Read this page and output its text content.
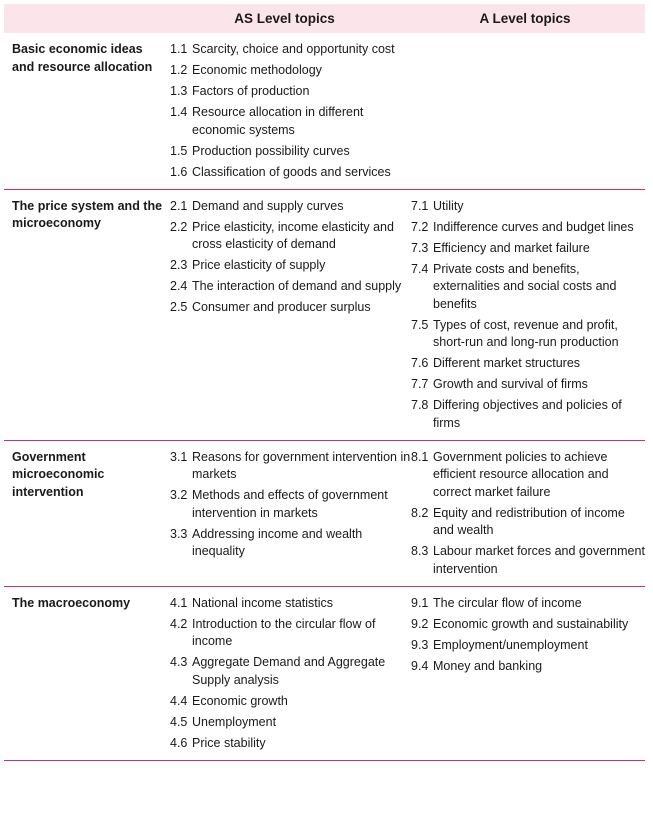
AS Level topics	A Level topics
Basic economic ideas and resource allocation
1.1 Scarcity, choice and opportunity cost
1.2 Economic methodology
1.3 Factors of production
1.4 Resource allocation in different economic systems
1.5 Production possibility curves
1.6 Classification of goods and services
The price system and the microeconomy
2.1 Demand and supply curves
2.2 Price elasticity, income elasticity and cross elasticity of demand
2.3 Price elasticity of supply
2.4 The interaction of demand and supply
2.5 Consumer and producer surplus
7.1 Utility
7.2 Indifference curves and budget lines
7.3 Efficiency and market failure
7.4 Private costs and benefits, externalities and social costs and benefits
7.5 Types of cost, revenue and profit, short-run and long-run production
7.6 Different market structures
7.7 Growth and survival of firms
7.8 Differing objectives and policies of firms
Government microeconomic intervention
3.1 Reasons for government intervention in markets
3.2 Methods and effects of government intervention in markets
3.3 Addressing income and wealth inequality
8.1 Government policies to achieve efficient resource allocation and correct market failure
8.2 Equity and redistribution of income and wealth
8.3 Labour market forces and government intervention
The macroeconomy	4.1 National income statistics
4.2 Introduction to the circular flow of income
4.3 Aggregate Demand and Aggregate Supply analysis
4.4 Economic growth
4.5 Unemployment
4.6 Price stability
9.1 The circular flow of income
9.2 Economic growth and sustainability
9.3 Employment/unemployment
9.4 Money and banking
